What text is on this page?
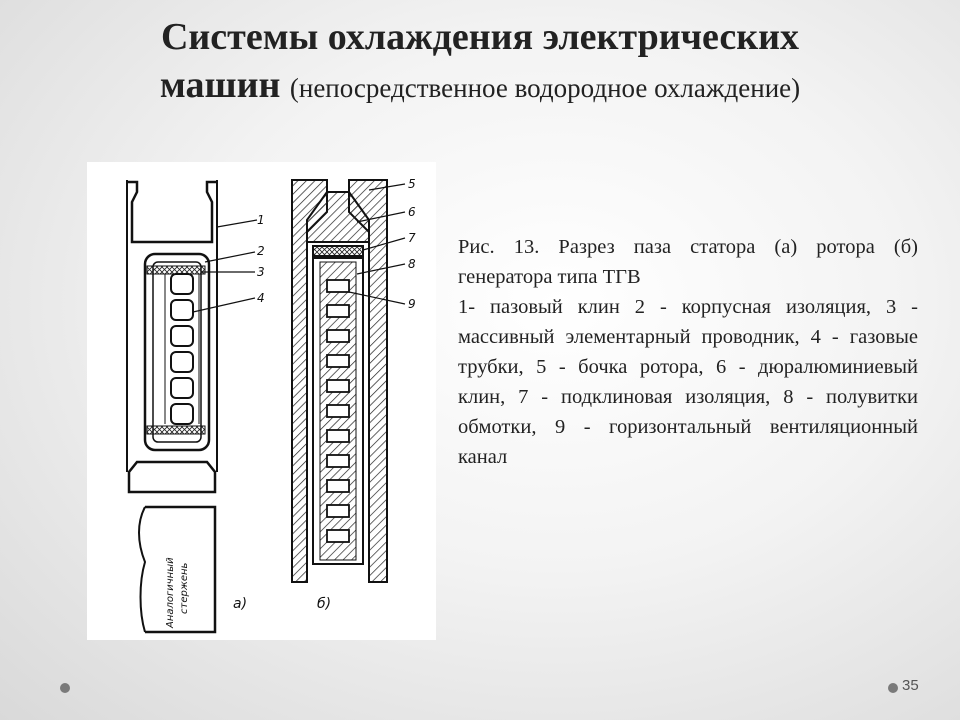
Системы охлаждения электрических
машин (непосредственное водородное охлаждение)
1
2
3
4
5
6
7
8
9
а)	б)
Аналогичный стержень

Рис. 13. Разрез паза статора (а) ротора (б) генератора типа ТГВ

1- пазовый клин 2 - корпусная изоляция, 3 - массивный элементарный проводник, 4 - газовые трубки, 5 - бочка ротора, 6 - дюралюминиевый клин, 7 - подклиновая изоляция, 8 - полувитки обмотки, 9 - горизонтальный вентиляционный канал

35
